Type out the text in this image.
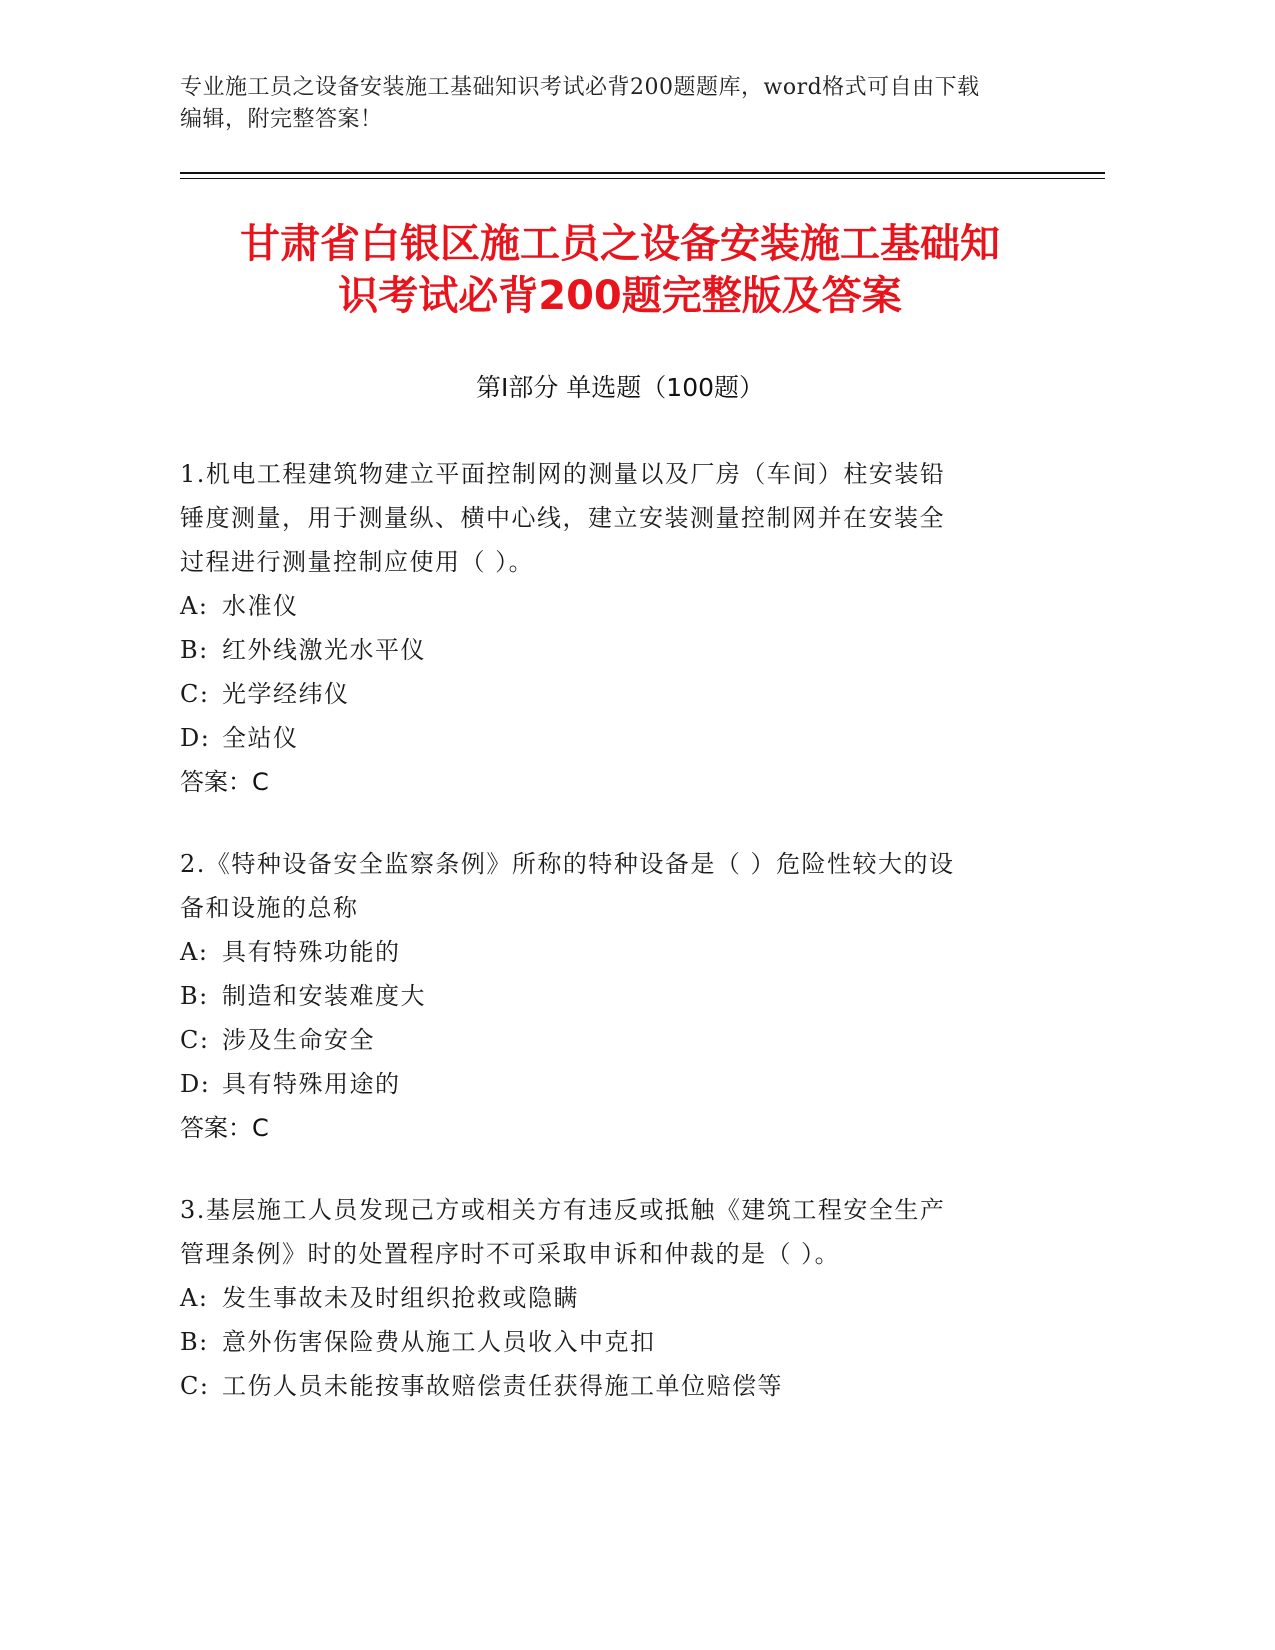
专业施工员之设备安装施工基础知识考试必背200题题库，word格式可自由下载
编辑，附完整答案！
甘肃省白银区施工员之设备安装施工基础知
识考试必背200题完整版及答案
第Ⅰ部分 单选题（100题）
1.机电工程建筑物建立平面控制网的测量以及厂房（车间）柱安装铅
锤度测量，用于测量纵、横中心线，建立安装测量控制网并在安装全
过程进行测量控制应使用（ ）。
A: 水准仪
B: 红外线激光水平仪
C: 光学经纬仪
D: 全站仪
答案：C
2.《特种设备安全监察条例》所称的特种设备是（ ）危险性较大的设
备和设施的总称
A: 具有特殊功能的
B: 制造和安装难度大
C: 涉及生命安全
D: 具有特殊用途的
答案：C
3.基层施工人员发现己方或相关方有违反或抵触《建筑工程安全生产
管理条例》时的处置程序时不可采取申诉和仲裁的是（ ）。
A: 发生事故未及时组织抢救或隐瞒
B: 意外伤害保险费从施工人员收入中克扣
C: 工伤人员未能按事故赔偿责任获得施工单位赔偿等
